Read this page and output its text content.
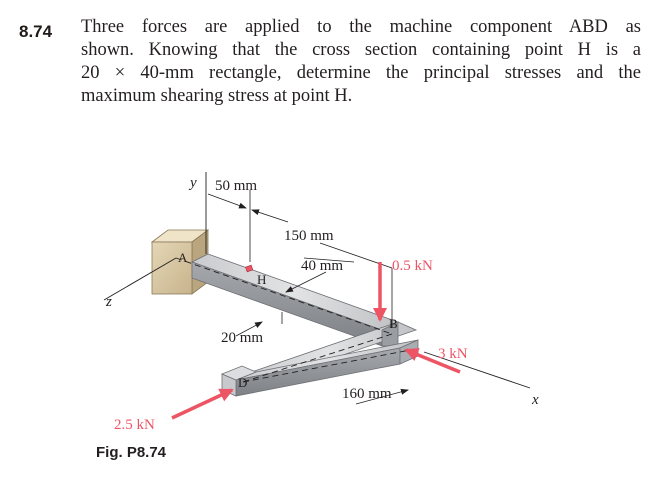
8.74 Three forces are applied to the machine component ABD as
shown. Knowing that the cross section containing point H is a
20 × 40-mm rectangle, determine the principal stresses and the
maximum shearing stress at point H.
y
z
x
A
H
B
D
50 mm
150 mm
40 mm
20 mm
160 mm
0.5 kN
3 kN
2.5 kN
Fig. P8.74
